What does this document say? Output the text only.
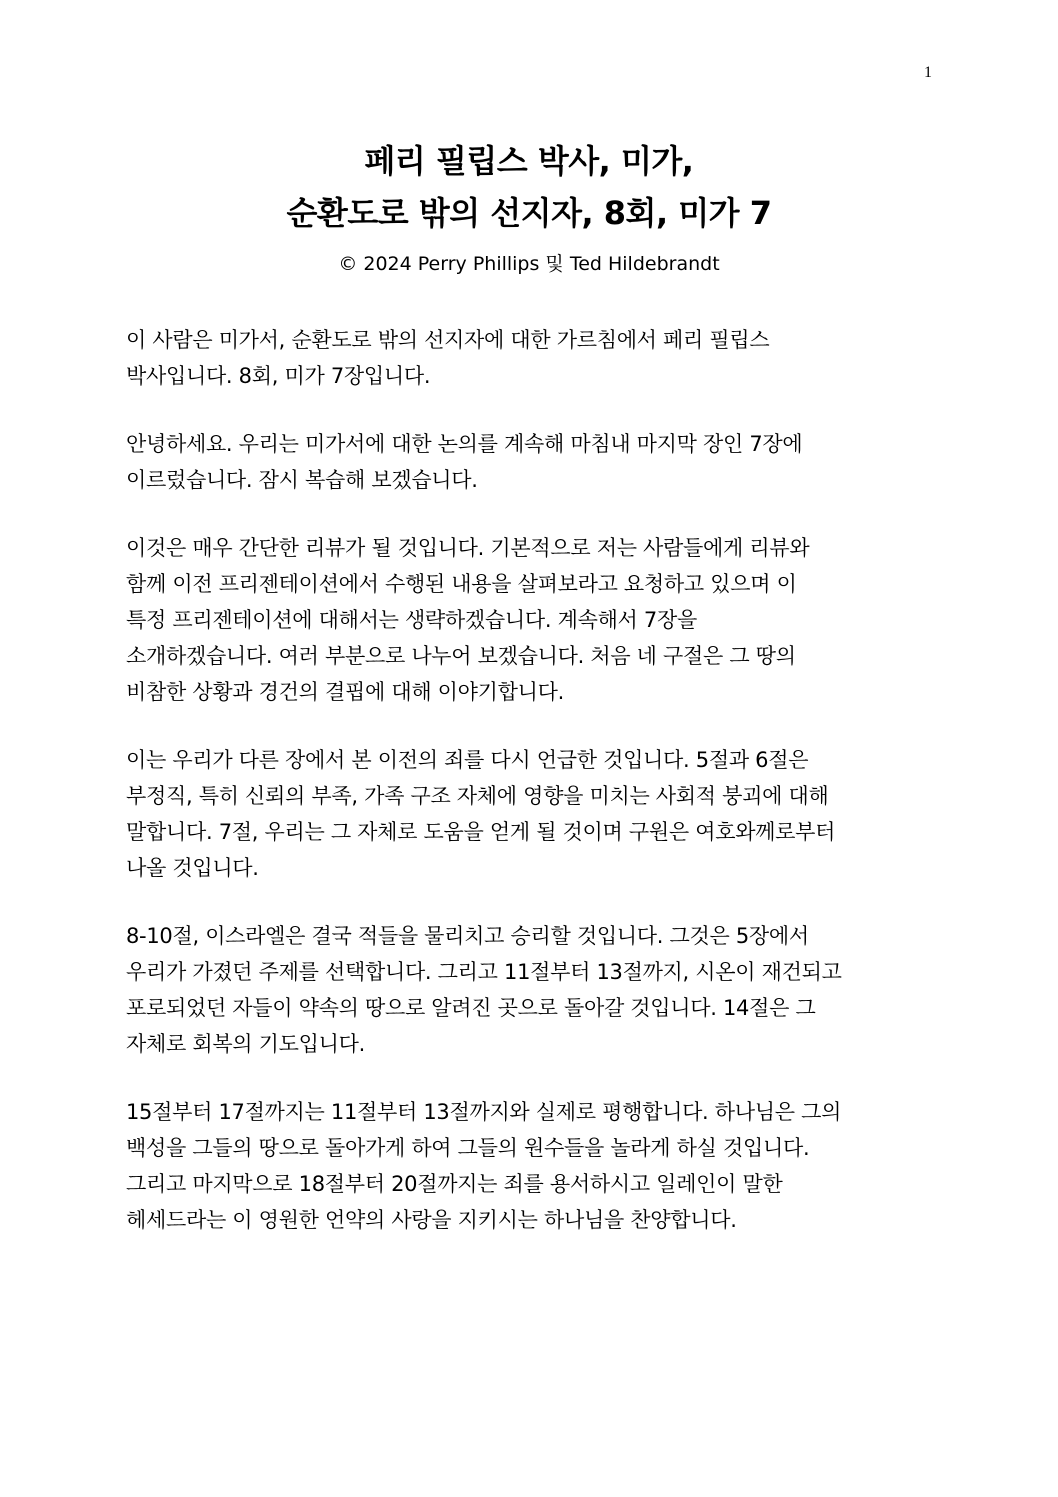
1
페리 필립스 박사, 미가,
순환도로 밖의 선지자, 8회, 미가 7
© 2024 Perry Phillips 및 Ted Hildebrandt

이 사람은 미가서, 순환도로 밖의 선지자에 대한 가르침에서 페리 필립스
박사입니다. 8회, 미가 7장입니다.

안녕하세요. 우리는 미가서에 대한 논의를 계속해 마침내 마지막 장인 7장에
이르렀습니다. 잠시 복습해 보겠습니다.

이것은 매우 간단한 리뷰가 될 것입니다. 기본적으로 저는 사람들에게 리뷰와
함께 이전 프리젠테이션에서 수행된 내용을 살펴보라고 요청하고 있으며 이
특정 프리젠테이션에 대해서는 생략하겠습니다. 계속해서 7장을
소개하겠습니다. 여러 부분으로 나누어 보겠습니다. 처음 네 구절은 그 땅의
비참한 상황과 경건의 결핍에 대해 이야기합니다.

이는 우리가 다른 장에서 본 이전의 죄를 다시 언급한 것입니다. 5절과 6절은
부정직, 특히 신뢰의 부족, 가족 구조 자체에 영향을 미치는 사회적 붕괴에 대해
말합니다. 7절, 우리는 그 자체로 도움을 얻게 될 것이며 구원은 여호와께로부터
나올 것입니다.

8-10절, 이스라엘은 결국 적들을 물리치고 승리할 것입니다. 그것은 5장에서
우리가 가졌던 주제를 선택합니다. 그리고 11절부터 13절까지, 시온이 재건되고
포로되었던 자들이 약속의 땅으로 알려진 곳으로 돌아갈 것입니다. 14절은 그
자체로 회복의 기도입니다.

15절부터 17절까지는 11절부터 13절까지와 실제로 평행합니다. 하나님은 그의
백성을 그들의 땅으로 돌아가게 하여 그들의 원수들을 놀라게 하실 것입니다.
그리고 마지막으로 18절부터 20절까지는 죄를 용서하시고 일레인이 말한
헤세드라는 이 영원한 언약의 사랑을 지키시는 하나님을 찬양합니다.
